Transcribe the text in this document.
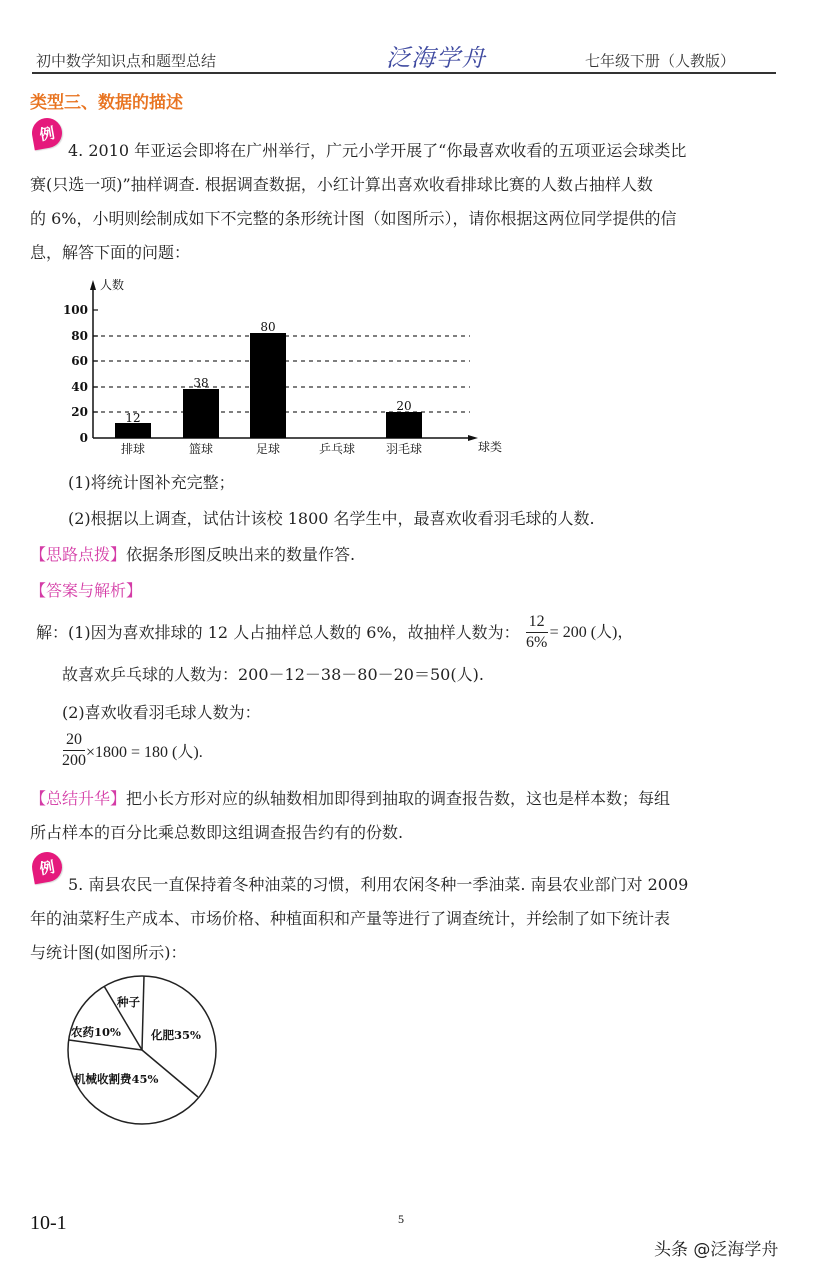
初中数学知识点和题型总结	泛海学舟	七年级下册（人教版）
类型三、数据的描述
例
4. 2010 年亚运会即将在广州举行，广元小学开展了“你最喜欢收看的五项亚运会球类比
赛(只选一项)”抽样调查. 根据调查数据，小红计算出喜欢收看排球比赛的人数占抽样人数
的 6%，小明则绘制成如下不完整的条形统计图（如图所示），请你根据这两位同学提供的信
息，解答下面的问题：
100
80
60
40
20
0
人数
球类
12
38
80
20
排球	篮球	足球	乒乓球	羽毛球
(1)将统计图补充完整；
(2)根据以上调查，试估计该校 1800 名学生中，最喜欢收看羽毛球的人数.
【思路点拨】依据条形图反映出来的数量作答.
【答案与解析】
解：(1)因为喜欢排球的 12 人占抽样总人数的 6%，故抽样人数为： $\frac{12}{6\%} = 200$ (人)，
故喜欢乒乓球的人数为：200－12－38－80－20＝50(人).
(2)喜欢收看羽毛球人数为：
$\frac{20}{200} \times 1800 = 180$ (人).
【总结升华】把小长方形对应的纵轴数相加即得到抽取的调查报告数，这也是样本数；每组
所占样本的百分比乘总数即这组调查报告约有的份数.
例
5. 南县农民一直保持着冬种油菜的习惯，利用农闲冬种一季油菜. 南县农业部门对 2009
年的油菜籽生产成本、市场价格、种植面积和产量等进行了调查统计，并绘制了如下统计表
与统计图(如图所示)：
种子
化肥35%
机械收割费45%
农药10%
10-1	5
头条 @泛海学舟
